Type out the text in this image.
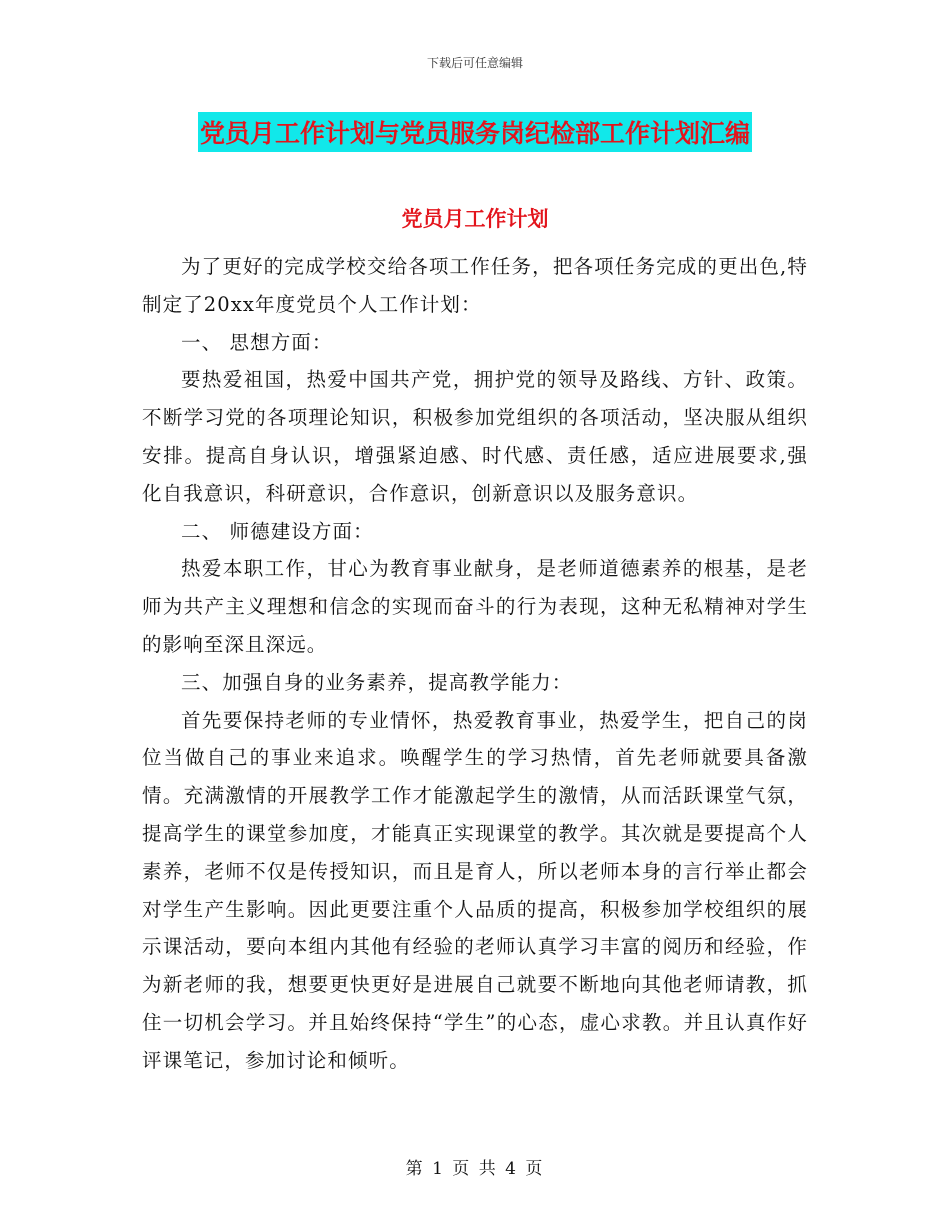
下载后可任意编辑
党员月工作计划与党员服务岗纪检部工作计划汇编
党员月工作计划

为了更好的完成学校交给各项工作任务，把各项任务完成的更出色,特制定了20xx年度党员个人工作计划：

一、 思想方面：

要热爱祖国，热爱中国共产党，拥护党的领导及路线、方针、政策。不断学习党的各项理论知识，积极参加党组织的各项活动，坚决服从组织安排。提高自身认识，增强紧迫感、时代感、责任感，适应进展要求,强化自我意识，科研意识，合作意识，创新意识以及服务意识。

二、 师德建设方面：

热爱本职工作，甘心为教育事业献身，是老师道德素养的根基，是老师为共产主义理想和信念的实现而奋斗的行为表现，这种无私精神对学生的影响至深且深远。

三、加强自身的业务素养，提高教学能力：

首先要保持老师的专业情怀，热爱教育事业，热爱学生，把自己的岗位当做自己的事业来追求。唤醒学生的学习热情，首先老师就要具备激情。充满激情的开展教学工作才能激起学生的激情，从而活跃课堂气氛，提高学生的课堂参加度，才能真正实现课堂的教学。其次就是要提高个人素养，老师不仅是传授知识，而且是育人，所以老师本身的言行举止都会对学生产生影响。因此更要注重个人品质的提高，积极参加学校组织的展示课活动，要向本组内其他有经验的老师认真学习丰富的阅历和经验，作为新老师的我，想要更快更好是进展自己就要不断地向其他老师请教，抓住一切机会学习。并且始终保持“学生”的心态，虚心求教。并且认真作好评课笔记，参加讨论和倾听。

第 1 页 共 4 页
